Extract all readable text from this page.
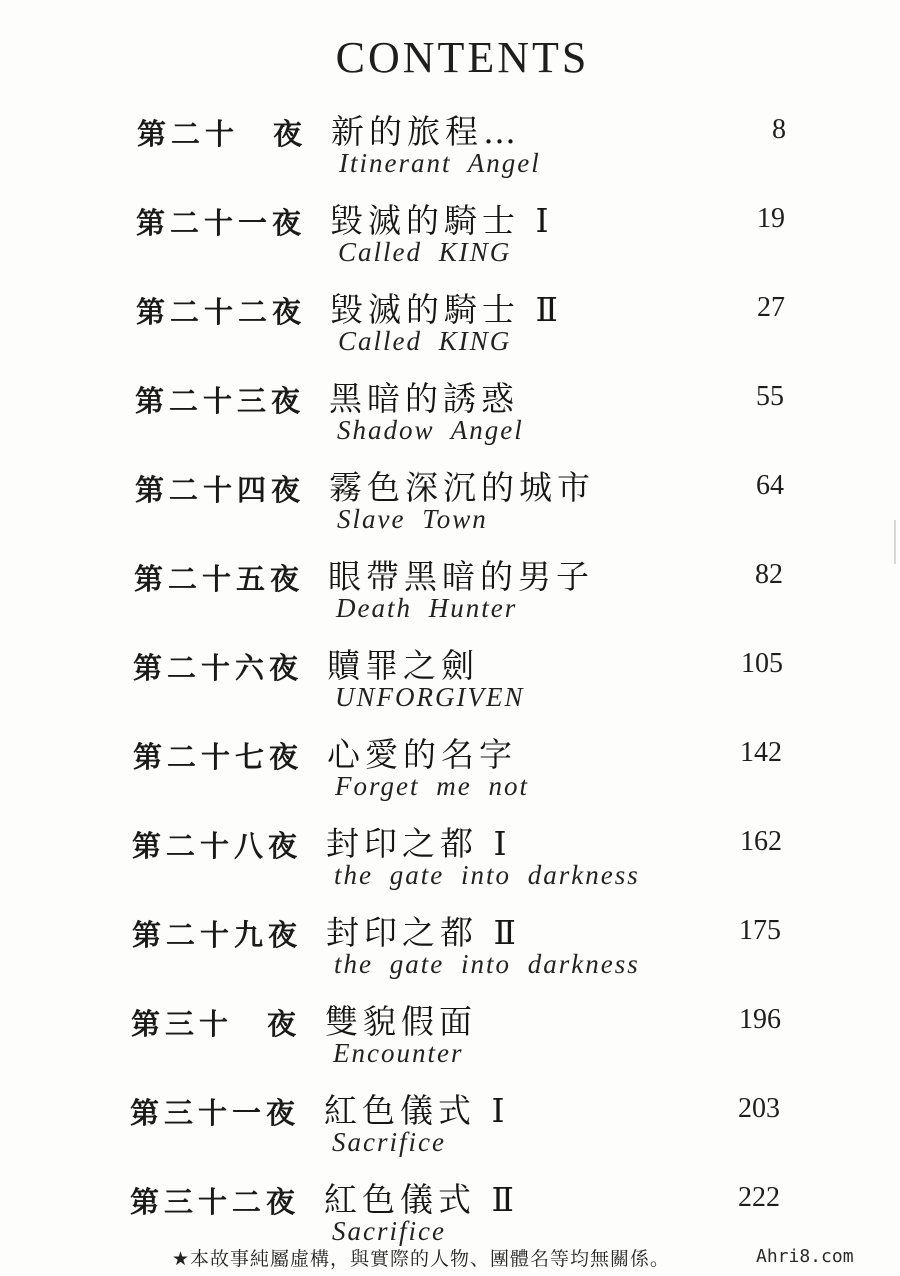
CONTENTS
第二十　夜 新的旅程…
Itinerant Angel
8
第二十一夜 毀滅的騎士 Ⅰ
Called KING
19
第二十二夜 毀滅的騎士 Ⅱ
Called KING
27
第二十三夜 黑暗的誘惑
Shadow Angel
55
第二十四夜 霧色深沉的城市
Slave Town
64
第二十五夜 眼帶黑暗的男子
Death Hunter
82
第二十六夜 贖罪之劍
UNFORGIVEN
105
第二十七夜 心愛的名字
Forget me not
142
第二十八夜 封印之都 Ⅰ
the gate into darkness
162
第二十九夜 封印之都 Ⅱ
the gate into darkness
175
第三十　夜 雙貌假面
Encounter
196
第三十一夜 紅色儀式 Ⅰ
Sacrifice
203
第三十二夜 紅色儀式 Ⅱ
Sacrifice
222
★本故事純屬虛構，與實際的人物、團體名等均無關係。	Ahri8.com
